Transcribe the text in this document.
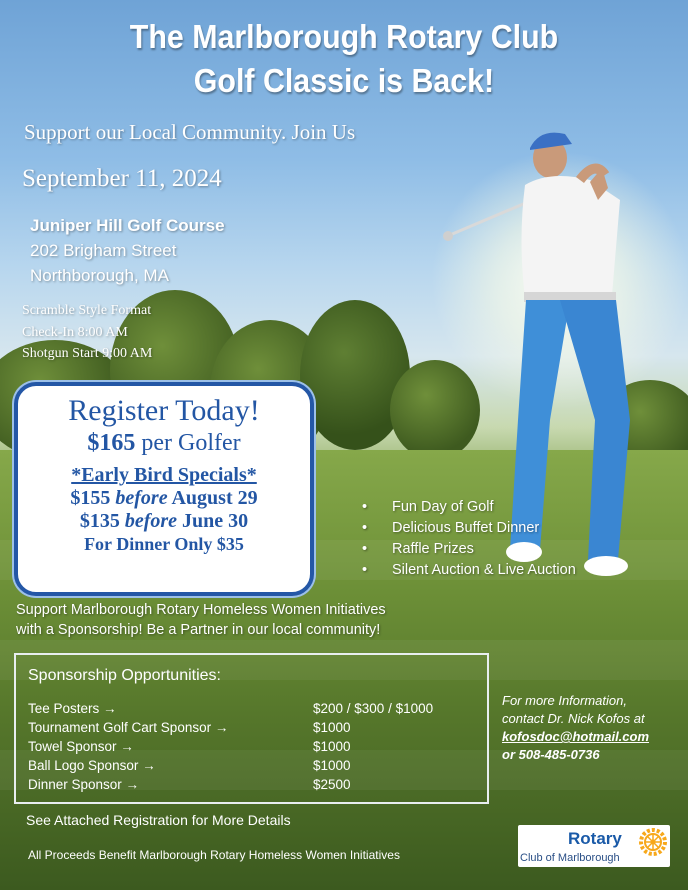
The Marlborough Rotary Club
Golf Classic is Back!
Support our Local Community. Join Us
September 11, 2024
Juniper Hill Golf Course
202 Brigham Street
Northborough, MA
Scramble Style Format
Check-In 8:00 AM
Shotgun Start 9:00 AM
Register Today!
$165 per Golfer
*Early Bird Specials*
$155 before August 29
$135 before June 30
For Dinner Only $35
• Fun Day of Golf
• Delicious Buffet Dinner
• Raffle Prizes
• Silent Auction & Live Auction
Support Marlborough Rotary Homeless Women Initiatives
with a Sponsorship! Be a Partner in our local community!
Sponsorship Opportunities:
Tee Posters →	$200 / $300 / $1000
Tournament Golf Cart Sponsor →	$1000
Towel Sponsor →	$1000
Ball Logo Sponsor →	$1000
Dinner Sponsor →	$2500
For more Information,
contact Dr. Nick Kofos at
kofosdoc@hotmail.com
or 508-485-0736
See Attached Registration for More Details
All Proceeds Benefit Marlborough Rotary Homeless Women Initiatives
Rotary
Club of Marlborough
